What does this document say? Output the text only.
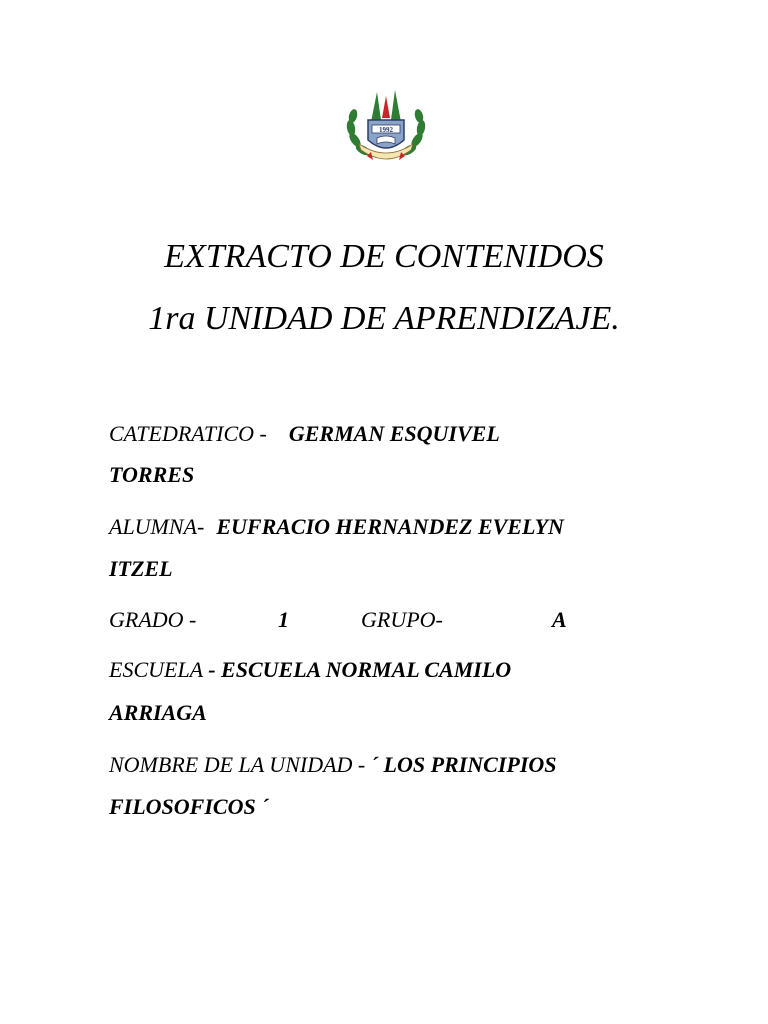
1992
EXTRACTO DE CONTENIDOS
1ra UNIDAD DE APRENDIZAJE.
CATEDRATICO - GERMAN ESQUIVEL
TORRES
ALUMNA- EUFRACIO HERNANDEZ EVELYN
ITZEL
GRADO -	1	GRUPO-	A
ESCUELA - ESCUELA NORMAL CAMILO
ARRIAGA
NOMBRE DE LA UNIDAD - ´ LOS PRINCIPIOS
FILOSOFICOS ´
